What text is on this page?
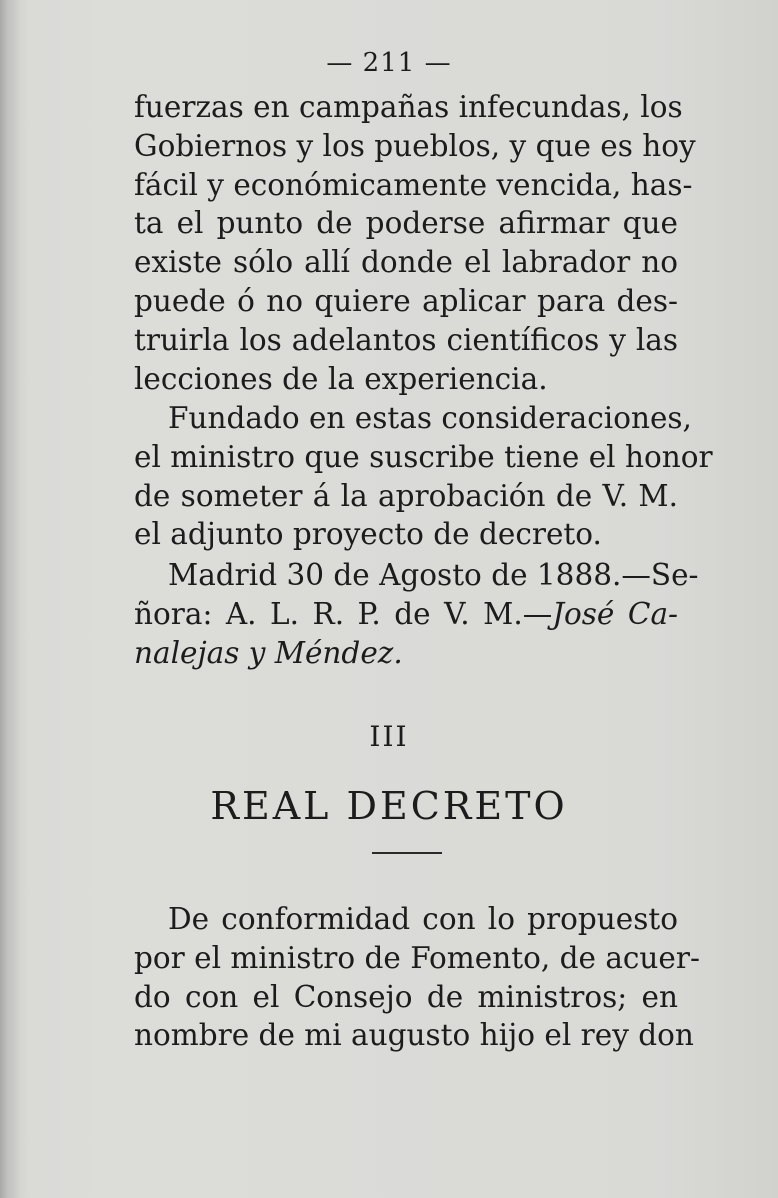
— 211 —
fuerzas en campañas infecundas, los
Gobiernos y los pueblos, y que es hoy
fácil y económicamente vencida, has-
ta el punto de poderse afirmar que
existe sólo allí donde el labrador no
puede ó no quiere aplicar para des-
truirla los adelantos científicos y las
lecciones de la experiencia.
Fundado en estas consideraciones,
el ministro que suscribe tiene el honor
de someter á la aprobación de V. M.
el adjunto proyecto de decreto.
Madrid 30 de Agosto de 1888.—Se-
ñora: A. L. R. P. de V. M.—José Ca-
nalejas y Méndez.
III
REAL DECRETO
De conformidad con lo propuesto
por el ministro de Fomento, de acuer-
do con el Consejo de ministros; en
nombre de mi augusto hijo el rey don
